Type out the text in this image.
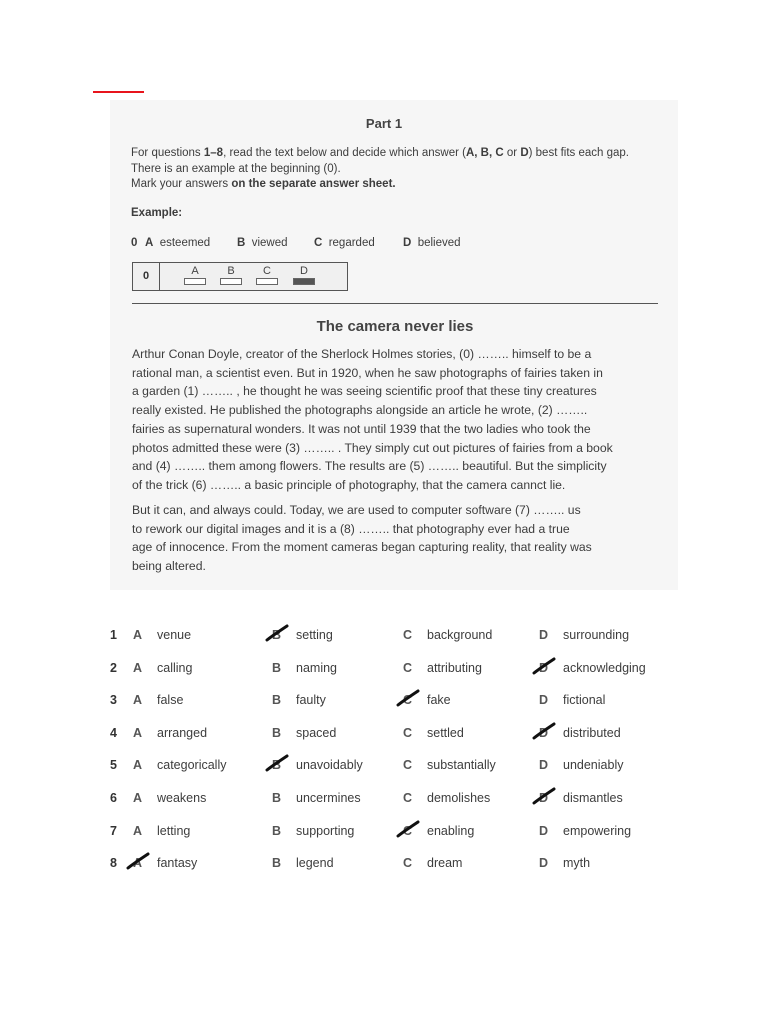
Part 1
For questions 1–8, read the text below and decide which answer (A, B, C or D) best fits each gap.
There is an example at the beginning (0).
Mark your answers on the separate answer sheet.
Example:
0 A esteemed B viewed C regarded D believed
0	A	B	C	D
The camera never lies
Arthur Conan Doyle, creator of the Sherlock Holmes stories, (0) …….. himself to be a
rational man, a scientist even. But in 1920, when he saw photographs of fairies taken in
a garden (1) …….. , he thought he was seeing scientific proof that these tiny creatures
really existed. He published the photographs alongside an article he wrote, (2) ……..
fairies as supernatural wonders. It was not until 1939 that the two ladies who took the
photos admitted these were (3) …….. . They simply cut out pictures of fairies from a book
and (4) …….. them among flowers. The results are (5) …….. beautiful. But the simplicity
of the trick (6) …….. a basic principle of photography, that the camera cannct lie.
But it can, and always could. Today, we are used to computer software (7) …….. us
to rework our digital images and it is a (8) …….. that photography ever had a true
age of innocence. From the moment cameras began capturing reality, that reality was
being altered.
1 A venue	B setting	C background	D surrounding
2 A calling	B naming	C attributing	D acknowledging
3 A false	B faulty	C fake	D fictional
4 A arranged	B spaced	C settled	D distributed
5 A categorically	B unavoidably	C substantially	D undeniably
6 A weakens	B uncermines	C demolishes	D dismantles
7 A letting	B supporting	C enabling	D empowering
8 A fantasy	B legend	C dream	D myth
